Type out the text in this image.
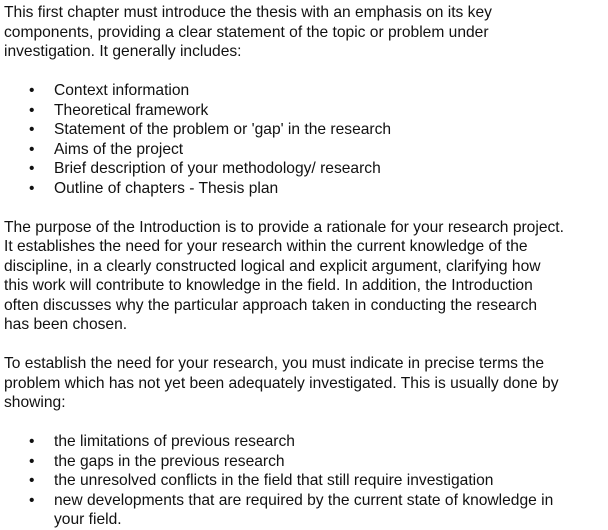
This first chapter must introduce the thesis with an emphasis on its key
components, providing a clear statement of the topic or problem under
investigation. It generally includes:

• Context information
• Theoretical framework
• Statement of the problem or 'gap' in the research
• Aims of the project
• Brief description of your methodology/ research
• Outline of chapters - Thesis plan

The purpose of the Introduction is to provide a rationale for your research project.
It establishes the need for your research within the current knowledge of the
discipline, in a clearly constructed logical and explicit argument, clarifying how
this work will contribute to knowledge in the field. In addition, the Introduction
often discusses why the particular approach taken in conducting the research
has been chosen.

To establish the need for your research, you must indicate in precise terms the
problem which has not yet been adequately investigated. This is usually done by
showing:

• the limitations of previous research
• the gaps in the previous research
• the unresolved conflicts in the field that still require investigation
• new developments that are required by the current state of knowledge in
your field.
